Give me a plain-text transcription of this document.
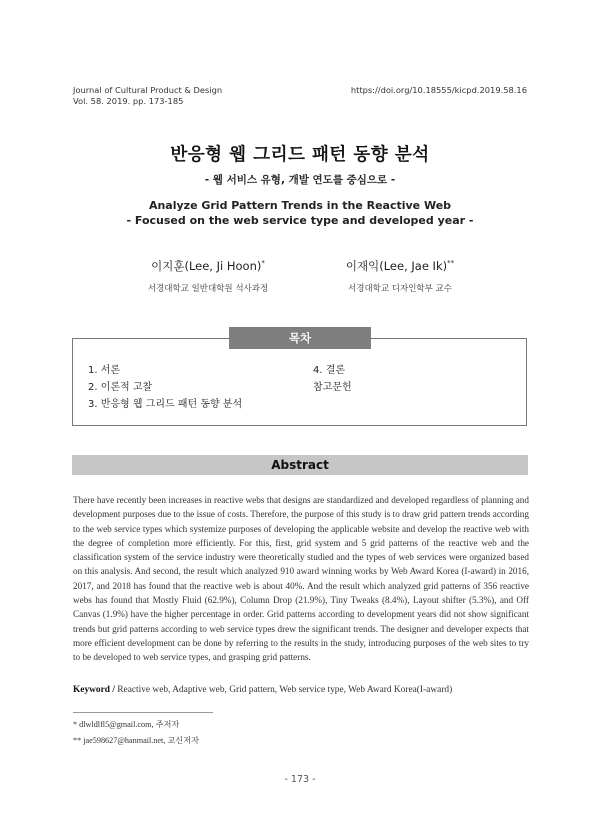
Journal of Cultural Product & Design
Vol. 58. 2019. pp. 173-185
https://doi.org/10.18555/kicpd.2019.58.16
반응형 웹 그리드 패턴 동향 분석
- 웹 서비스 유형, 개발 연도를 중심으로 -
Analyze Grid Pattern Trends in the Reactive Web
- Focused on the web service type and developed year -
이지훈(Lee, Ji Hoon)*
서경대학교 일반대학원 석사과정
이재익(Lee, Jae Ik)**
서경대학교 디자인학부 교수
목차
1. 서론
2. 이론적 고찰
3. 반응형 웹 그리드 패턴 동향 분석
4. 결론
참고문헌
Abstract

There have recently been increases in reactive webs that designs are standardized and developed regardless of planning and development purposes due to the issue of costs. Therefore, the purpose of this study is to draw grid pattern trends according to the web service types which systemize purposes of developing the applicable website and develop the reactive web with the degree of completion more efficiently. For this, first, grid system and 5 grid patterns of the reactive web and the classification system of the service industry were theoretically studied and the types of web services were organized based on this analysis. And second, the result which analyzed 910 award winning works by Web Award Korea (I-award) in 2016, 2017, and 2018 has found that the reactive web is about 40%. And the result which analyzed grid patterns of 356 reactive webs has found that Mostly Fluid (62.9%), Column Drop (21.9%), Tiny Tweaks (8.4%), Layout shifter (5.3%), and Off Canvas (1.9%) have the higher percentage in order. Grid patterns according to development years did not show significant trends but grid patterns according to web service types drew the significant trends. The designer and developer expects that more efficient development can be done by referring to the results in the study, introducing purposes of the web sites to try to be developed to web service types, and grasping grid patterns.

Keyword / Reactive web, Adaptive web, Grid pattern, Web service type, Web Award Korea(I-award)
* dlwldlfl5@gmail.com, 주저자
** jae598627@hanmail.net, 교신저자
- 173 -
